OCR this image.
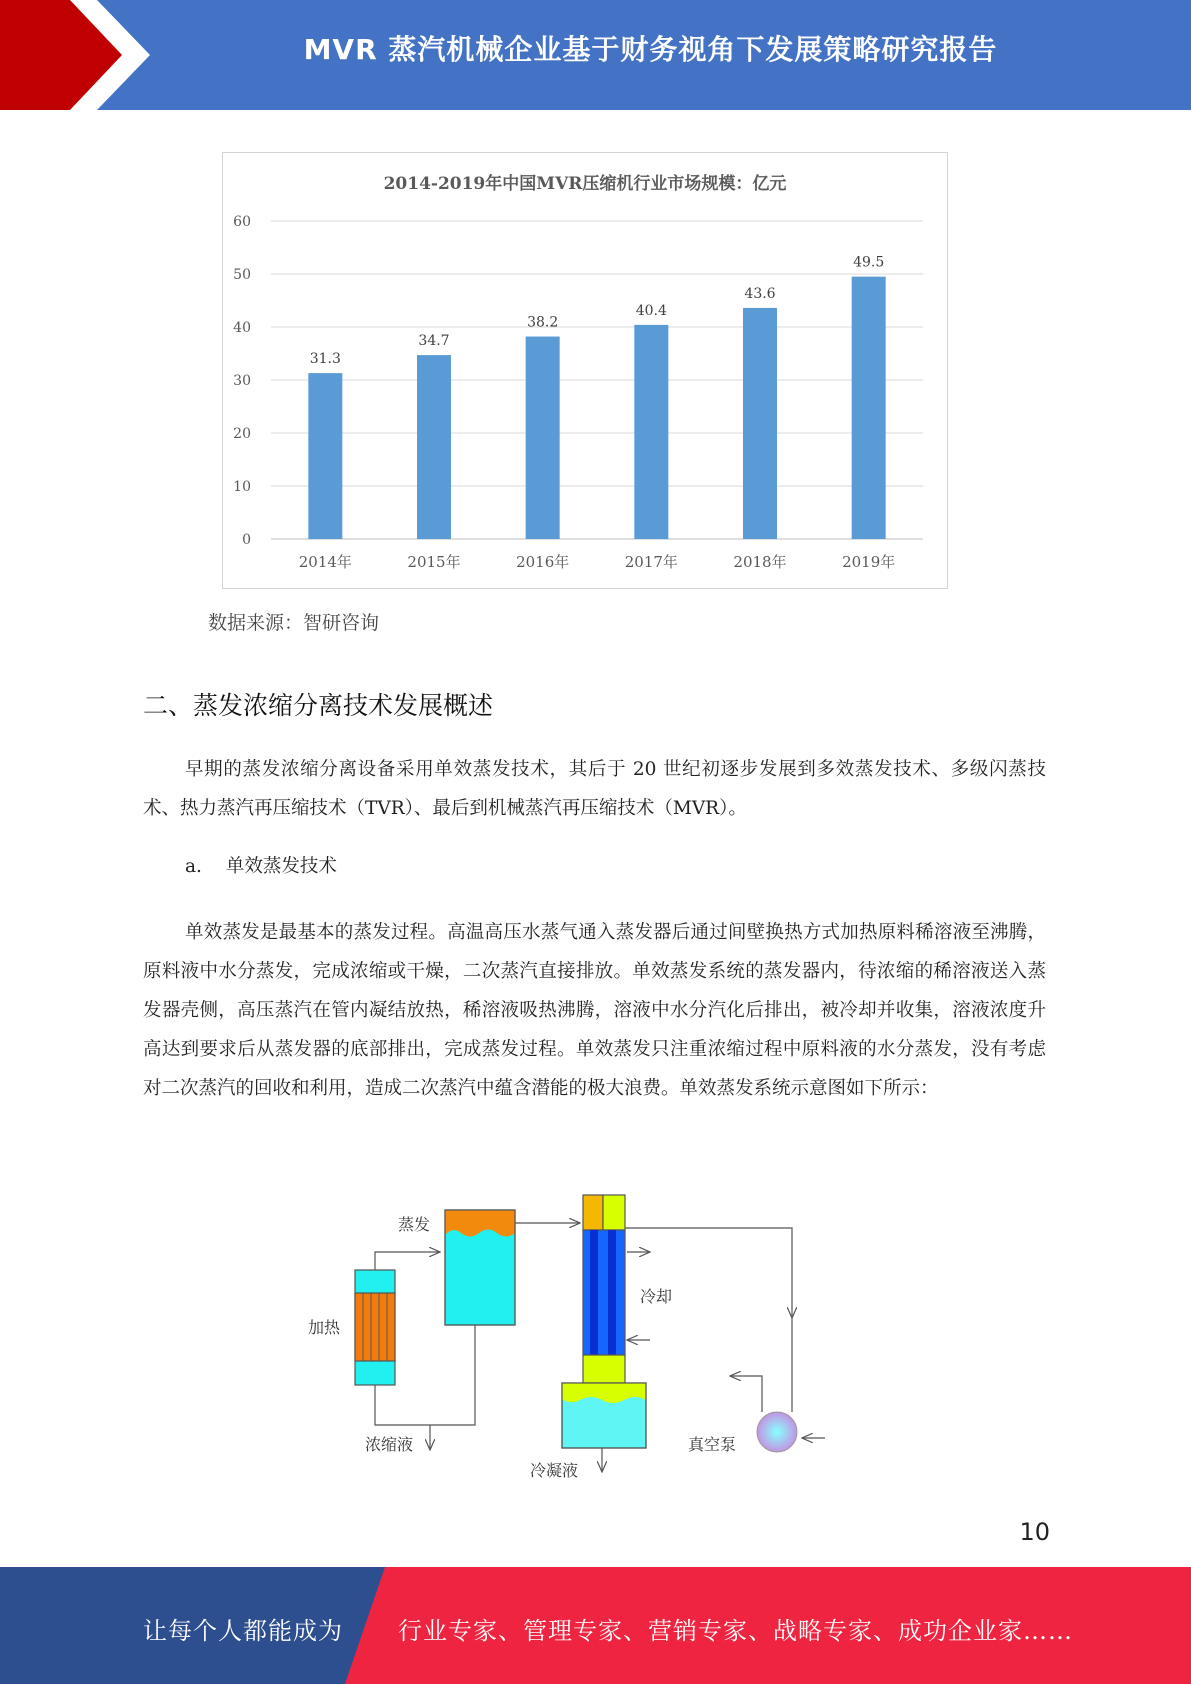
MVR 蒸汽机械企业基于财务视角下发展策略研究报告
2014-2019年中国MVR压缩机行业市场规模：亿元
0
10
20
30
40
50
60
31.3
2014年
34.7
2015年
38.2
2016年
40.4
2017年
43.6
2018年
49.5
2019年
数据来源：智研咨询
二、蒸发浓缩分离技术发展概述

早期的蒸发浓缩分离设备采用单效蒸发技术，其后于 20 世纪初逐步发展到多效蒸发技术、多级闪蒸技术、热力蒸汽再压缩技术（TVR）、最后到机械蒸汽再压缩技术（MVR）。

a. 单效蒸发技术

单效蒸发是最基本的蒸发过程。高温高压水蒸气通入蒸发器后通过间壁换热方式加热原料稀溶液至沸腾，原料液中水分蒸发，完成浓缩或干燥，二次蒸汽直接排放。单效蒸发系统的蒸发器内，待浓缩的稀溶液送入蒸发器壳侧，高压蒸汽在管内凝结放热，稀溶液吸热沸腾，溶液中水分汽化后排出，被冷却并收集，溶液浓度升高达到要求后从蒸发器的底部排出，完成蒸发过程。单效蒸发只注重浓缩过程中原料液的水分蒸发，没有考虑对二次蒸汽的回收和利用，造成二次蒸汽中蕴含潜能的极大浪费。单效蒸发系统示意图如下所示：

蒸发
加热
冷却
浓缩液
冷凝液
真空泵
10
让每个人都能成为 行业专家、管理专家、营销专家、战略专家、成功企业家……
